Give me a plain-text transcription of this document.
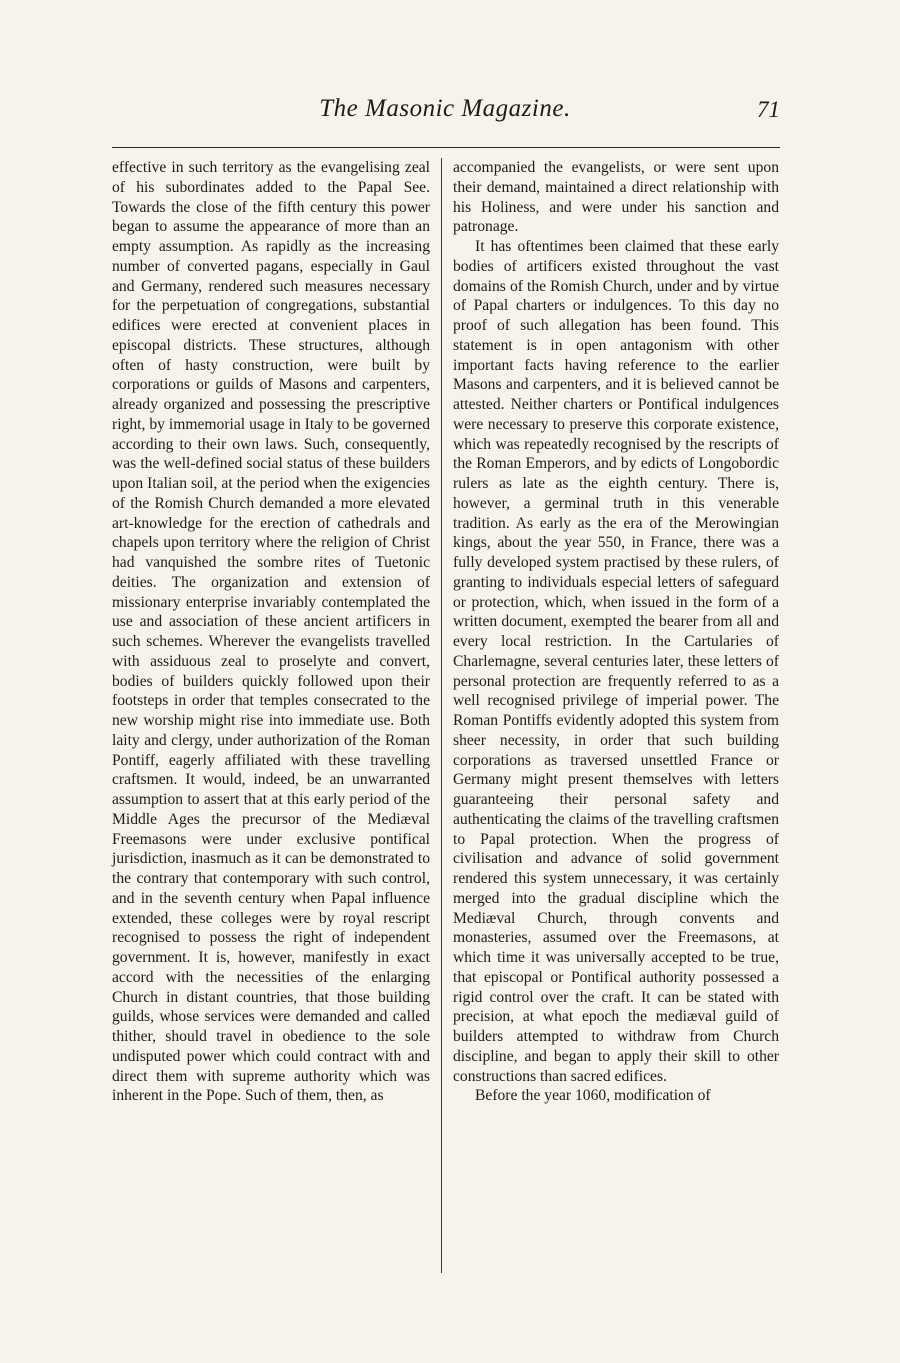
The Masonic Magazine.	71

effective in such territory as the evangelising zeal of his subordinates added to the Papal See. Towards the close of the fifth century this power began to assume the appearance of more than an empty assumption. As rapidly as the increasing number of converted pagans, especially in Gaul and Germany, rendered such measures necessary for the perpetuation of congregations, substantial edifices were erected at convenient places in episcopal districts. These structures, although often of hasty construction, were built by corporations or guilds of Masons and carpenters, already organized and possessing the prescriptive right, by immemorial usage in Italy to be governed according to their own laws. Such, consequently, was the well-defined social status of these builders upon Italian soil, at the period when the exigencies of the Romish Church demanded a more elevated art-knowledge for the erection of cathedrals and chapels upon territory where the religion of Christ had vanquished the sombre rites of Tuetonic deities. The organization and extension of missionary enterprise invariably contemplated the use and association of these ancient artificers in such schemes. Wherever the evangelists travelled with assiduous zeal to proselyte and convert, bodies of builders quickly followed upon their footsteps in order that temples consecrated to the new worship might rise into immediate use. Both laity and clergy, under authorization of the Roman Pontiff, eagerly affiliated with these travelling craftsmen. It would, indeed, be an unwarranted assumption to assert that at this early period of the Middle Ages the precursor of the Mediæval Freemasons were under exclusive pontifical jurisdiction, inasmuch as it can be demonstrated to the contrary that contemporary with such control, and in the seventh century when Papal influence extended, these colleges were by royal rescript recognised to possess the right of independent government. It is, however, manifestly in exact accord with the necessities of the enlarging Church in distant countries, that those building guilds, whose services were demanded and called thither, should travel in obedience to the sole undisputed power which could contract with and direct them with supreme authority which was inherent in the Pope. Such of them, then, as

accompanied the evangelists, or were sent upon their demand, maintained a direct relationship with his Holiness, and were under his sanction and patronage.

It has oftentimes been claimed that these early bodies of artificers existed throughout the vast domains of the Romish Church, under and by virtue of Papal charters or indulgences. To this day no proof of such allegation has been found. This statement is in open antagonism with other important facts having reference to the earlier Masons and carpenters, and it is believed cannot be attested. Neither charters or Pontifical indulgences were necessary to preserve this corporate existence, which was repeatedly recognised by the rescripts of the Roman Emperors, and by edicts of Longobordic rulers as late as the eighth century. There is, however, a germinal truth in this venerable tradition. As early as the era of the Merowingian kings, about the year 550, in France, there was a fully developed system practised by these rulers, of granting to individuals especial letters of safeguard or protection, which, when issued in the form of a written document, exempted the bearer from all and every local restriction. In the Cartularies of Charlemagne, several centuries later, these letters of personal protection are frequently referred to as a well recognised privilege of imperial power. The Roman Pontiffs evidently adopted this system from sheer necessity, in order that such building corporations as traversed unsettled France or Germany might present themselves with letters guaranteeing their personal safety and authenticating the claims of the travelling craftsmen to Papal protection. When the progress of civilisation and advance of solid government rendered this system unnecessary, it was certainly merged into the gradual discipline which the Mediæval Church, through convents and monasteries, assumed over the Freemasons, at which time it was universally accepted to be true, that episcopal or Pontifical authority possessed a rigid control over the craft. It can be stated with precision, at what epoch the mediæval guild of builders attempted to withdraw from Church discipline, and began to apply their skill to other constructions than sacred edifices.

Before the year 1060, modification of
